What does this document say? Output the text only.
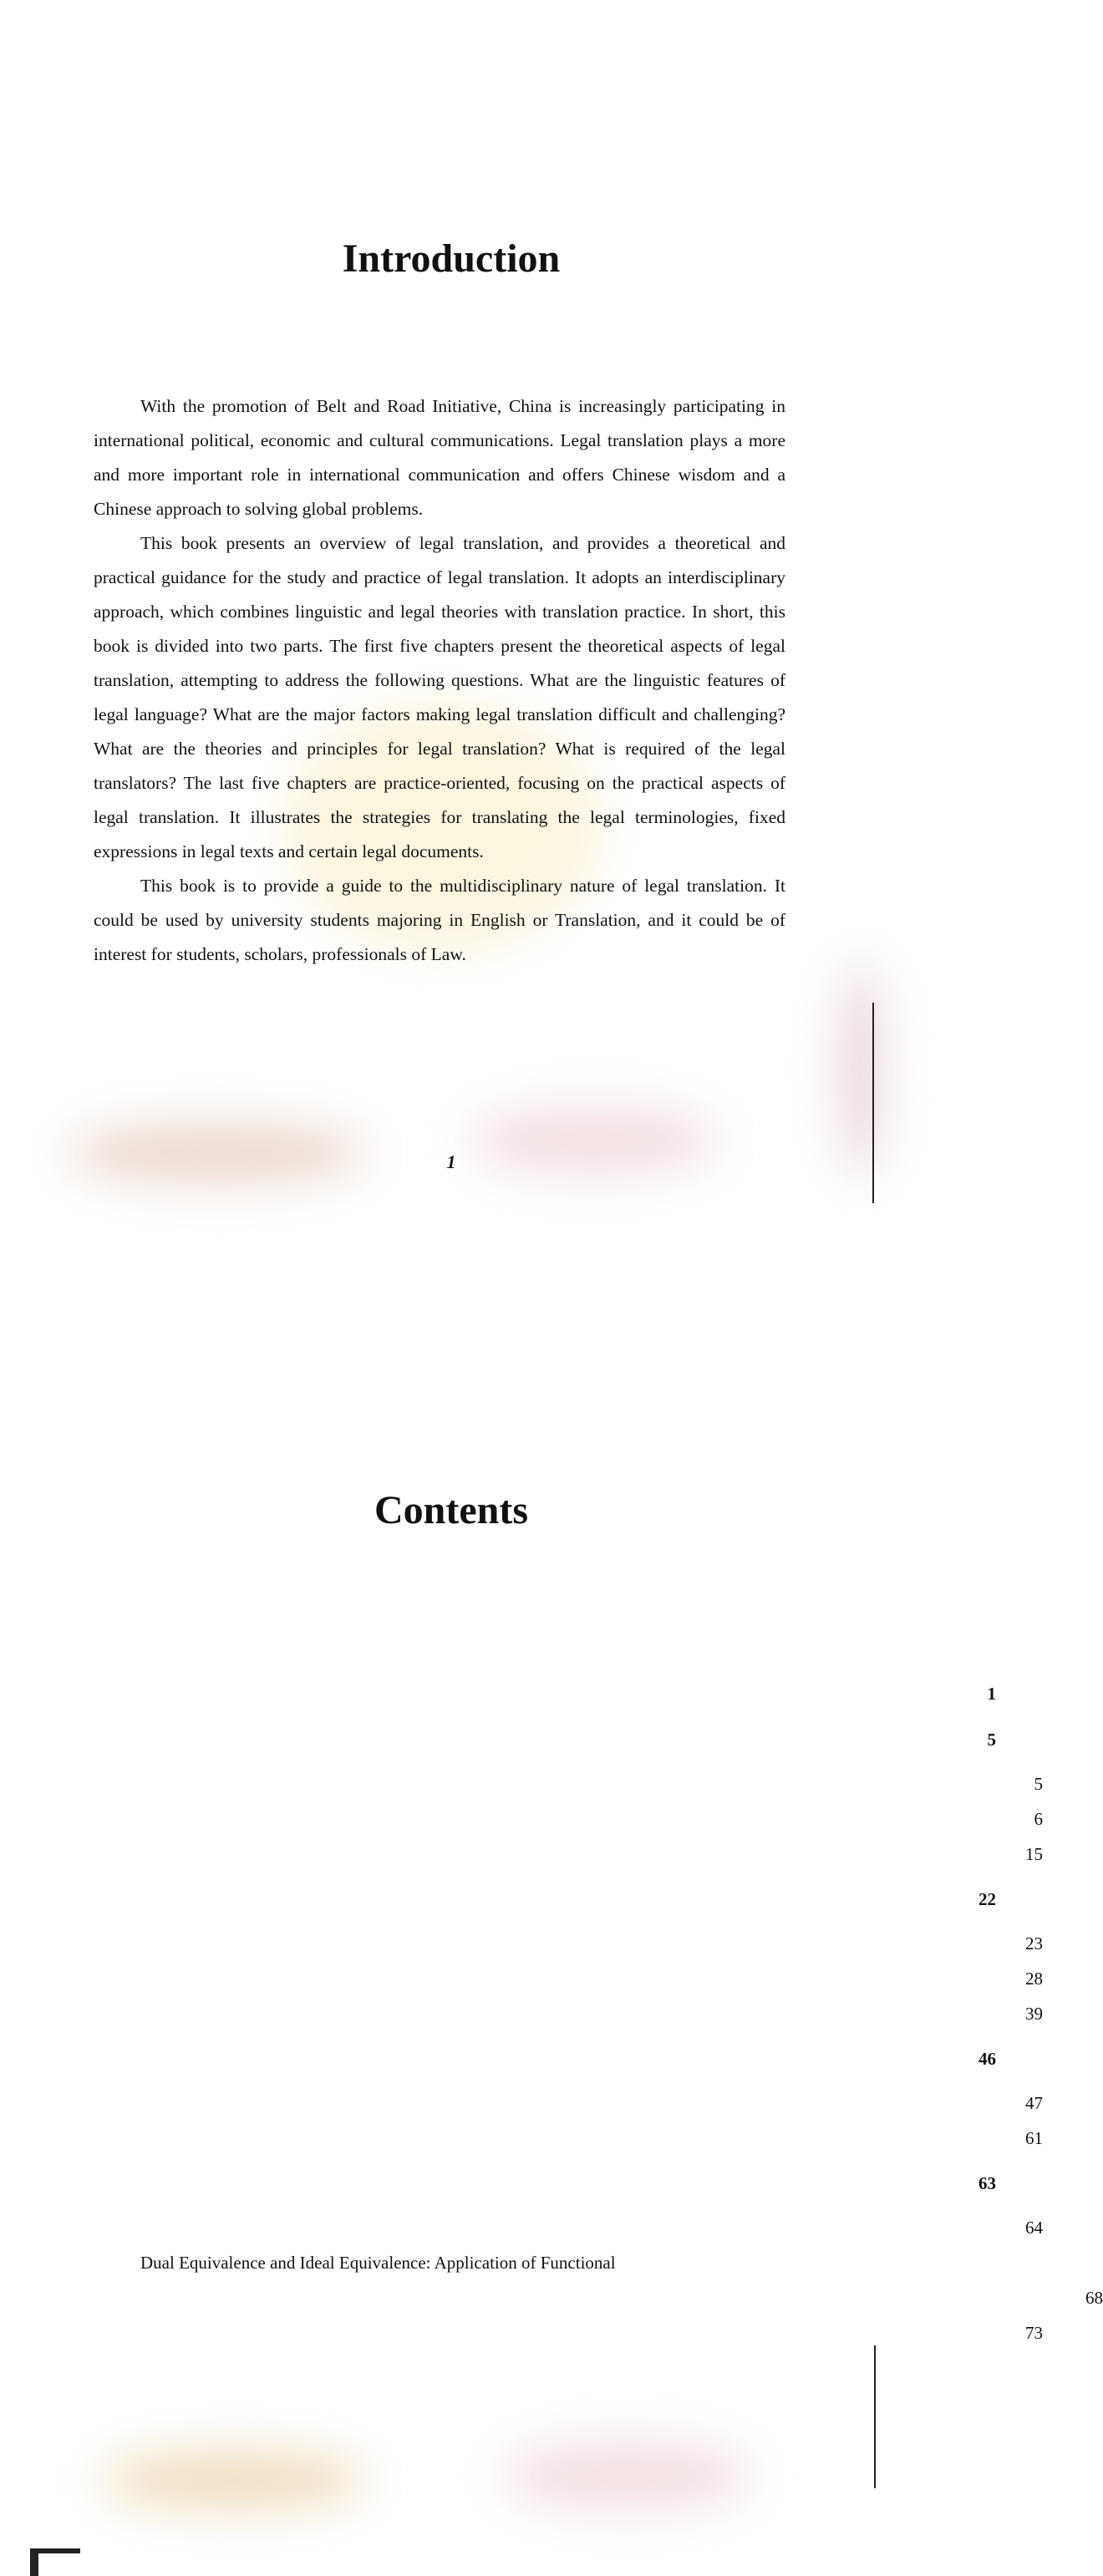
Introduction

With the promotion of Belt and Road Initiative, China is increasingly participating in international political, economic and cultural communications. Legal translation plays a more and more important role in international communication and offers Chinese wisdom and a Chinese approach to solving global problems.

This book presents an overview of legal translation, and provides a theoretical and practical guidance for the study and practice of legal translation. It adopts an interdisciplinary approach, which combines linguistic and legal theories with translation practice. In short, this book is divided into two parts. The first five chapters present the theoretical aspects of legal translation, attempting to address the following questions. What are the linguistic features of legal language? What are the major factors making legal translation difficult and challenging? What are the theories and principles for legal translation? What is required of the legal translators? The last five chapters are practice-oriented, focusing on the practical aspects of legal translation. It illustrates the strategies for translating the legal terminologies, fixed expressions in legal texts and certain legal documents.

This book is to provide a guide to the multidisciplinary nature of legal translation. It could be used by university students majoring in English or Translation, and it could be of interest for students, scholars, professionals of Law.

1
Contents
1
5
5
6
15
22
23
28
39
46
47
61
63
64
Dual Equivalence and Ideal Equivalence: Application of Functional
68
73
